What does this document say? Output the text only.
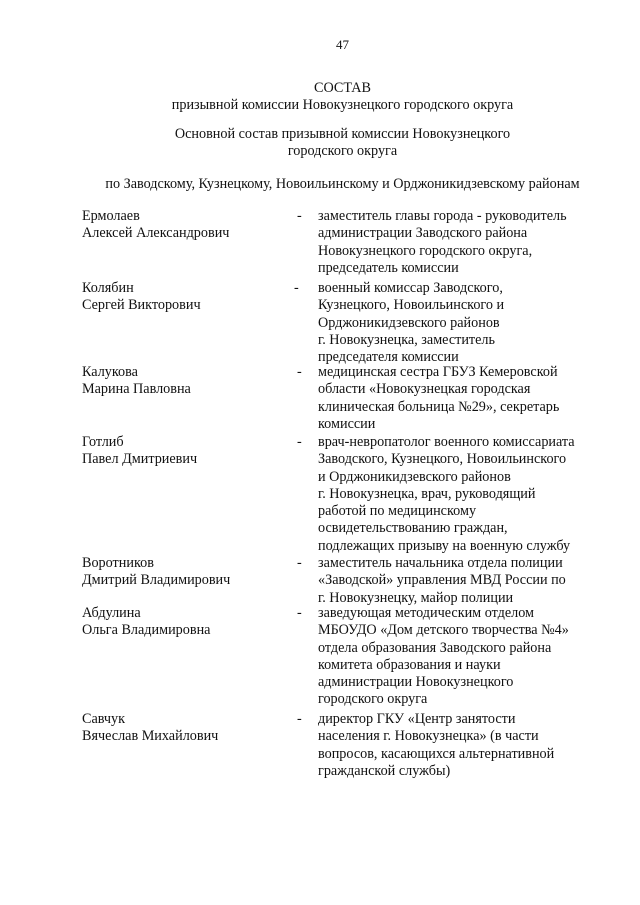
47
СОСТАВ
призывной комиссии Новокузнецкого городского округа
Основной состав призывной комиссии Новокузнецкого
городского округа
по Заводскому, Кузнецкому, Новоильинскому и Орджоникидзевскому районам
Ермолаев
Алексей Александрович
- заместитель главы города - руководитель
администрации Заводского района
Новокузнецкого городского округа,
председатель комиссии
Колябин
Сергей Викторович
- военный комиссар Заводского,
Кузнецкого, Новоильинского и
Орджоникидзевского районов
г. Новокузнецка, заместитель
председателя комиссии
Калукова
Марина Павловна
- медицинская сестра ГБУЗ Кемеровской
области «Новокузнецкая городская
клиническая больница №29», секретарь
комиссии
Готлиб
Павел Дмитриевич
- врач-невропатолог военного комиссариата
Заводского, Кузнецкого, Новоильинского
и Орджоникидзевского районов
г. Новокузнецка, врач, руководящий
работой по медицинскому
освидетельствованию граждан,
подлежащих призыву на военную службу
Воротников
Дмитрий Владимирович
- заместитель начальника отдела полиции
«Заводской» управления МВД России по
г. Новокузнецку, майор полиции
Абдулина
Ольга Владимировна
- заведующая методическим отделом
МБОУДО «Дом детского творчества №4»
отдела образования Заводского района
комитета образования и науки
администрации Новокузнецкого
городского округа
Савчук
Вячеслав Михайлович
- директор ГКУ «Центр занятости
населения г. Новокузнецка» (в части
вопросов, касающихся альтернативной
гражданской службы)
